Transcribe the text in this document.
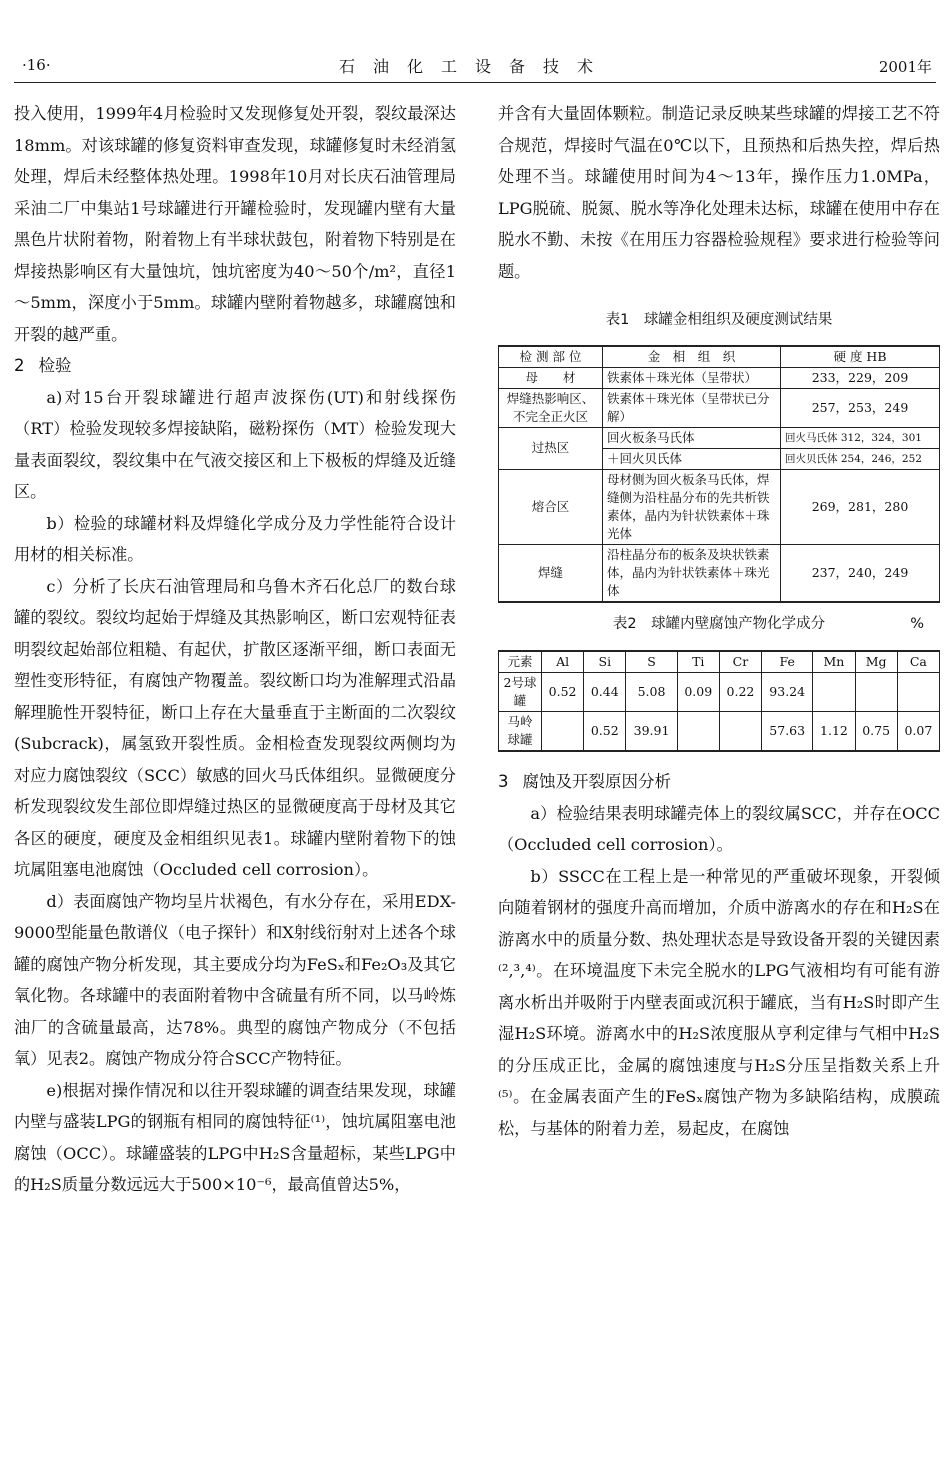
·16·	石油化工设备技术	2001年

投入使用，1999年4月检验时又发现修复处开裂，裂纹最深达18mm。对该球罐的修复资料审查发现，球罐修复时未经消氢处理，焊后未经整体热处理。1998年10月对长庆石油管理局采油二厂中集站1号球罐进行开罐检验时，发现罐内壁有大量黑色片状附着物，附着物上有半球状鼓包，附着物下特别是在焊接热影响区有大量蚀坑，蚀坑密度为40～50个/m²，直径1～5mm，深度小于5mm。球罐内壁附着物越多，球罐腐蚀和开裂的越严重。

2 检验

a)对15台开裂球罐进行超声波探伤(UT)和射线探伤（RT）检验发现较多焊接缺陷，磁粉探伤（MT）检验发现大量表面裂纹，裂纹集中在气液交接区和上下极板的焊缝及近缝区。

b）检验的球罐材料及焊缝化学成分及力学性能符合设计用材的相关标准。

c）分析了长庆石油管理局和乌鲁木齐石化总厂的数台球罐的裂纹。裂纹均起始于焊缝及其热影响区，断口宏观特征表明裂纹起始部位粗糙、有起伏，扩散区逐渐平细，断口表面无塑性变形特征，有腐蚀产物覆盖。裂纹断口均为准解理式沿晶解理脆性开裂特征，断口上存在大量垂直于主断面的二次裂纹(Subcrack)，属氢致开裂性质。金相检查发现裂纹两侧均为对应力腐蚀裂纹（SCC）敏感的回火马氏体组织。显微硬度分析发现裂纹发生部位即焊缝过热区的显微硬度高于母材及其它各区的硬度，硬度及金相组织见表1。球罐内壁附着物下的蚀坑属阻塞电池腐蚀（Occluded cell corrosion）。

d）表面腐蚀产物均呈片状褐色，有水分存在，采用EDX-9000型能量色散谱仪（电子探针）和X射线衍射对上述各个球罐的腐蚀产物分析发现，其主要成分均为FeSₓ和Fe₂O₃及其它氧化物。各球罐中的表面附着物中含硫量有所不同，以马岭炼油厂的含硫量最高，达78%。典型的腐蚀产物成分（不包括氧）见表2。腐蚀产物成分符合SCC产物特征。

e)根据对操作情况和以往开裂球罐的调查结果发现，球罐内壁与盛装LPG的钢瓶有相同的腐蚀特征⁽¹⁾，蚀坑属阻塞电池腐蚀（OCC）。球罐盛装的LPG中H₂S含量超标，某些LPG中的H₂S质量分数远远大于500×10⁻⁶，最高值曾达5%，

并含有大量固体颗粒。制造记录反映某些球罐的焊接工艺不符合规范，焊接时气温在0℃以下，且预热和后热失控，焊后热处理不当。球罐使用时间为4～13年，操作压力1.0MPa，LPG脱硫、脱氮、脱水等净化处理未达标，球罐在使用中存在脱水不勤、未按《在用压力容器检验规程》要求进行检验等问题。

表1　球罐金相组织及硬度测试结果

检 测 部 位	金　相　组　织	硬 度 HB
母　　材	铁素体＋珠光体（呈带状）	233，229，209
焊缝热影响区、不完全正火区	铁素体＋珠光体（呈带状已分解）	257，253，249
过热区	回火板条马氏体	回火马氏体 312，324，301
	＋回火贝氏体	回火贝氏体 254，246，252
熔合区	母材侧为回火板条马氏体，焊缝侧为沿柱晶分布的先共析铁素体，晶内为针状铁素体＋珠光体	269，281，280
焊缝	沿柱晶分布的板条及块状铁素体，晶内为针状铁素体＋珠光体	237，240，249
表2　球罐内壁腐蚀产物化学成分	%
元素	Al	Si	S	Ti	Cr	Fe	Mn	Mg	Ca
2号球罐	0.52	0.44	5.08	0.09	0.22	93.24			
马岭球罐		0.52	39.91			57.63	1.12	0.75	0.07

3 腐蚀及开裂原因分析

a）检验结果表明球罐壳体上的裂纹属SCC，并存在OCC（Occluded cell corrosion）。

b）SSCC在工程上是一种常见的严重破坏现象，开裂倾向随着钢材的强度升高而增加，介质中游离水的存在和H₂S在游离水中的质量分数、热处理状态是导致设备开裂的关键因素⁽²,³,⁴⁾。在环境温度下未完全脱水的LPG气液相均有可能有游离水析出并吸附于内壁表面或沉积于罐底，当有H₂S时即产生湿H₂S环境。游离水中的H₂S浓度服从亨利定律与气相中H₂S的分压成正比，金属的腐蚀速度与H₂S分压呈指数关系上升⁽⁵⁾。在金属表面产生的FeSₓ腐蚀产物为多缺陷结构，成膜疏松，与基体的附着力差，易起皮，在腐蚀
